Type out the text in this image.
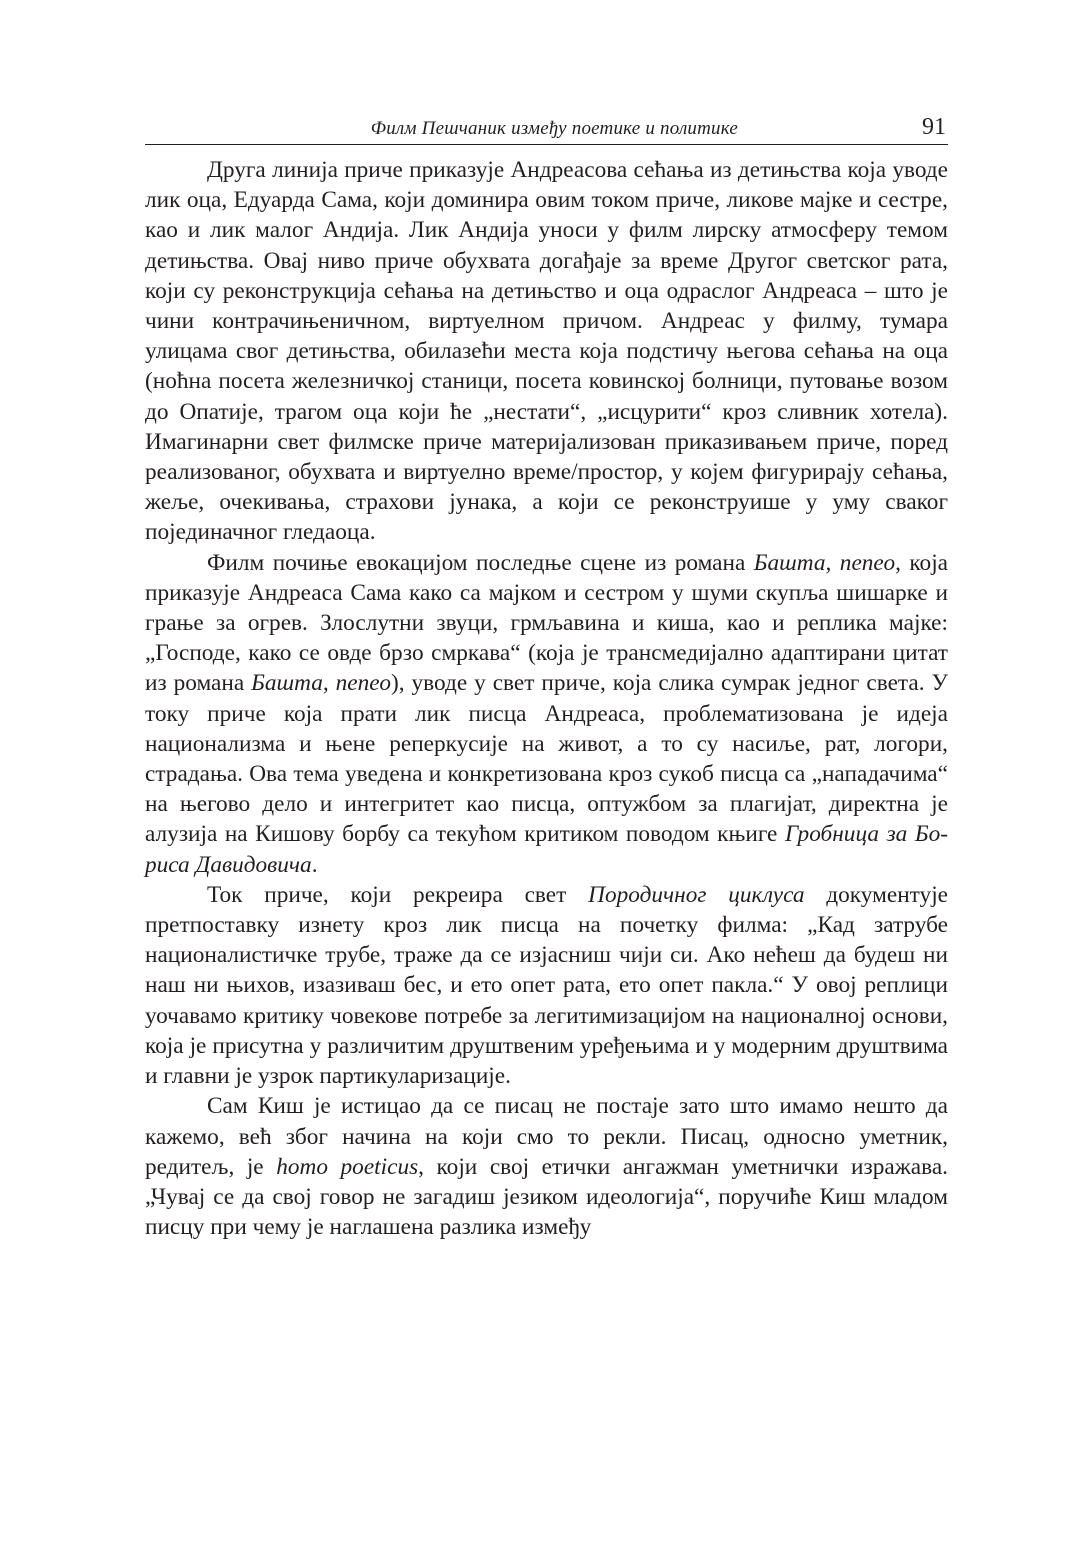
Филм Пешчаник између поетике и политике	91

Друга линија приче приказује Андреасова сећања из детињства која уводе лик оца, Едуарда Сама, који доминира овим током приче, ликове мајке и сестре, као и лик малог Андија. Лик Андија уноси у филм лирску атмосферу темом детињства. Овај ниво приче обухвата догађаје за време Другог светског рата, који су реконструкција сећања на детињство и оца одраслог Андреаса – што је чини контрачињеничном, виртуелном причом. Андреас у филму, тумара улицама свог детињства, обилазећи места која подстичу његова сећања на оца (ноћна посета железничкој станици, посета ковинској болници, путовање возом до Опатије, трагом оца који ће „нестати“, „исцурити“ кроз сливник хотела). Имагинарни свет филмске приче материјализован приказивањем приче, поред реализованог, обухвата и виртуелно време/простор, у којем фигурирају сећања, жеље, очекивања, страхови јунака, а који се реконструише у уму сваког појединачног гледаоца.

Филм почиње евокацијом последње сцене из романа Башта, пепео, која приказује Андреаса Сама како са мајком и сестром у шуми скупља шишарке и грање за огрев. Злослутни звуци, грмљавина и киша, као и реплика мајке: „Господе, како се овде брзо смркава“ (која је трансмедијално адаптирани цитат из романа Башта, пепео), уводе у свет приче, која слика сумрак једног света. У току приче која прати лик писца Андреаса, проблематизована је идеја национализма и њене реперкусије на живот, а то су насиље, рат, логори, страдања. Ова тема уведена и конкретизована кроз сукоб писца са „нападачима“ на његово дело и интегритет као писца, оптужбом за плагијат, директна је алузија на Кишову борбу са текућом критиком поводом књиге Гробница за Бориса Давидовича.

Ток приче, који рекреира свет Породичног циклуса документује претпоставку изнету кроз лик писца на почетку филма: „Кад затрубе националистичке трубе, траже да се изјасниш чији си. Ако нећеш да будеш ни наш ни њихов, изазиваш бес, и ето опет рата, ето опет пакла.“ У овој реплици уочавамо критику човекове потребе за легитимизацијом на националној основи, која је присутна у различитим друштвеним уређењима и у модерним друштвима и главни је узрок партикуларизације.

Сам Киш је истицао да се писац не постаје зато што имамо нешто да кажемо, већ због начина на који смо то рекли. Писац, односно уметник, редитељ, је homo poeticus, који свој етички ангажман уметнички изражава. „Чувај се да свој говор не загадиш језиком идеологија“, поручиће Киш младом писцу при чему је наглашена разлика између
